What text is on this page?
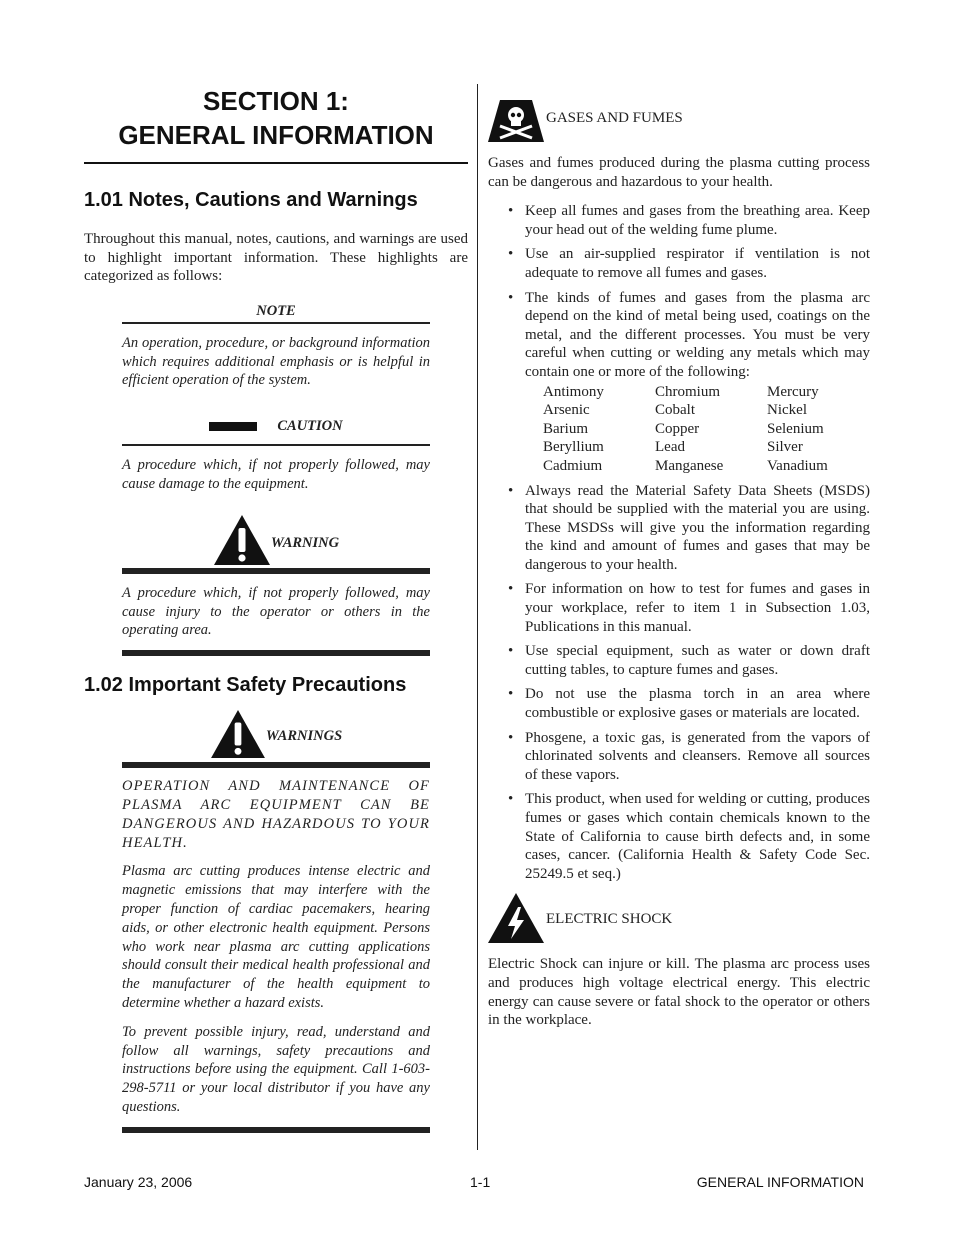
SECTION 1:
GENERAL INFORMATION
1.01 Notes, Cautions and Warnings

Throughout this manual, notes, cautions, and warnings are used to highlight important information. These highlights are categorized as follows:

NOTE

An operation, procedure, or background information which requires additional emphasis or is helpful in efficient operation of the system.

CAUTION

A procedure which, if not properly followed, may cause damage to the equipment.

WARNING

A procedure which, if not properly followed, may cause injury to the operator or others in the operating area.

1.02 Important Safety Precautions
WARNINGS

OPERATION AND MAINTENANCE OF PLASMA ARC EQUIPMENT CAN BE DANGEROUS AND HAZARDOUS TO YOUR HEALTH.

Plasma arc cutting produces intense electric and magnetic emissions that may interfere with the proper function of cardiac pacemakers, hearing aids, or other electronic health equipment. Persons who work near plasma arc cutting applications should consult their medical health professional and the manufacturer of the health equipment to determine whether a hazard exists.

To prevent possible injury, read, understand and follow all warnings, safety precautions and instructions before using the equipment. Call 1-603-298-5711 or your local distributor if you have any questions.

GASES AND FUMES

Gases and fumes produced during the plasma cutting process can be dangerous and hazardous to your health.

• Keep all fumes and gases from the breathing area. Keep your head out of the welding fume plume.
• Use an air-supplied respirator if ventilation is not adequate to remove all fumes and gases.
• The kinds of fumes and gases from the plasma arc depend on the kind of metal being used, coatings on the metal, and the different processes. You must be very careful when cutting or welding any metals which may contain one or more of the following:
Antimony	Chromium	Mercury
Arsenic	Cobalt	Nickel
Barium	Copper	Selenium
Beryllium	Lead	Silver
Cadmium	Manganese	Vanadium
• Always read the Material Safety Data Sheets (MSDS) that should be supplied with the material you are using. These MSDSs will give you the information regarding the kind and amount of fumes and gases that may be dangerous to your health.
• For information on how to test for fumes and gases in your workplace, refer to item 1 in Subsection 1.03, Publications in this manual.
• Use special equipment, such as water or down draft cutting tables, to capture fumes and gases.
• Do not use the plasma torch in an area where combustible or explosive gases or materials are located.
• Phosgene, a toxic gas, is generated from the vapors of chlorinated solvents and cleansers. Remove all sources of these vapors.
• This product, when used for welding or cutting, produces fumes or gases which contain chemicals known to the State of California to cause birth defects and, in some cases, cancer. (California Health & Safety Code Sec. 25249.5 et seq.)
ELECTRIC SHOCK

Electric Shock can injure or kill. The plasma arc process uses and produces high voltage electrical energy. This electric energy can cause severe or fatal shock to the operator or others in the workplace.

January 23, 2006	1-1	GENERAL INFORMATION
